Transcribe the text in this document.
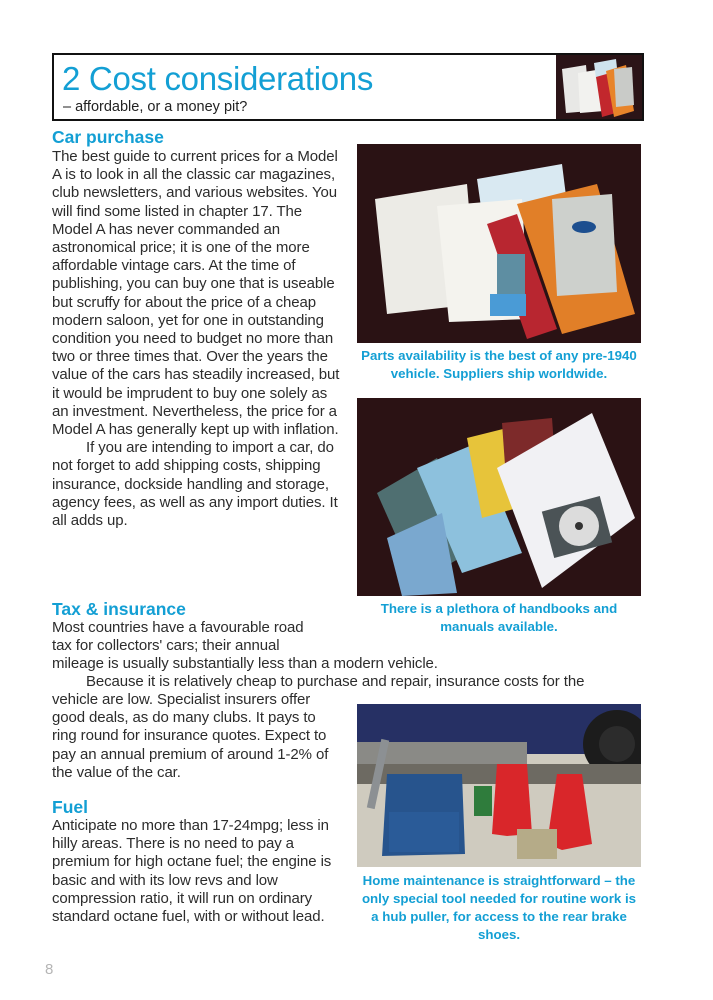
2 Cost considerations
– affordable, or a money pit?
Car purchase

The best guide to current prices for a Model A is to look in all the classic car magazines, club newsletters, and various websites. You will find some listed in chapter 17. The Model A has never commanded an astronomical price; it is one of the more affordable vintage cars. At the time of publishing, you can buy one that is useable but scruffy for about the price of a cheap modern saloon, yet for one in outstanding condition you need to budget no more than two or three times that. Over the years the value of the cars has steadily increased, but it would be imprudent to buy one solely as an investment. Nevertheless, the price for a Model A has generally kept up with inflation.

If you are intending to import a car, do not forget to add shipping costs, shipping insurance, dockside handling and storage, agency fees, as well as any import duties. It all adds up.

Parts availability is the best of any pre-1940 vehicle. Suppliers ship worldwide.
There is a plethora of handbooks and manuals available.
Tax & insurance
Most countries have a favourable road
tax for collectors' cars; their annual
mileage is usually substantially less than a modern vehicle.
Because it is relatively cheap to purchase and repair, insurance costs for the
vehicle are low. Specialist insurers offer good deals, as do many clubs. It pays to ring round for insurance quotes. Expect to pay an annual premium of around 1-2% of the value of the car.
Home maintenance is straightforward – the only special tool needed for routine work is a hub puller, for access to the rear brake shoes.
Fuel
Anticipate no more than 17-24mpg; less in hilly areas. There is no need to pay a premium for high octane fuel; the engine is basic and with its low revs and low compression ratio, it will run on ordinary standard octane fuel, with or without lead.
8
